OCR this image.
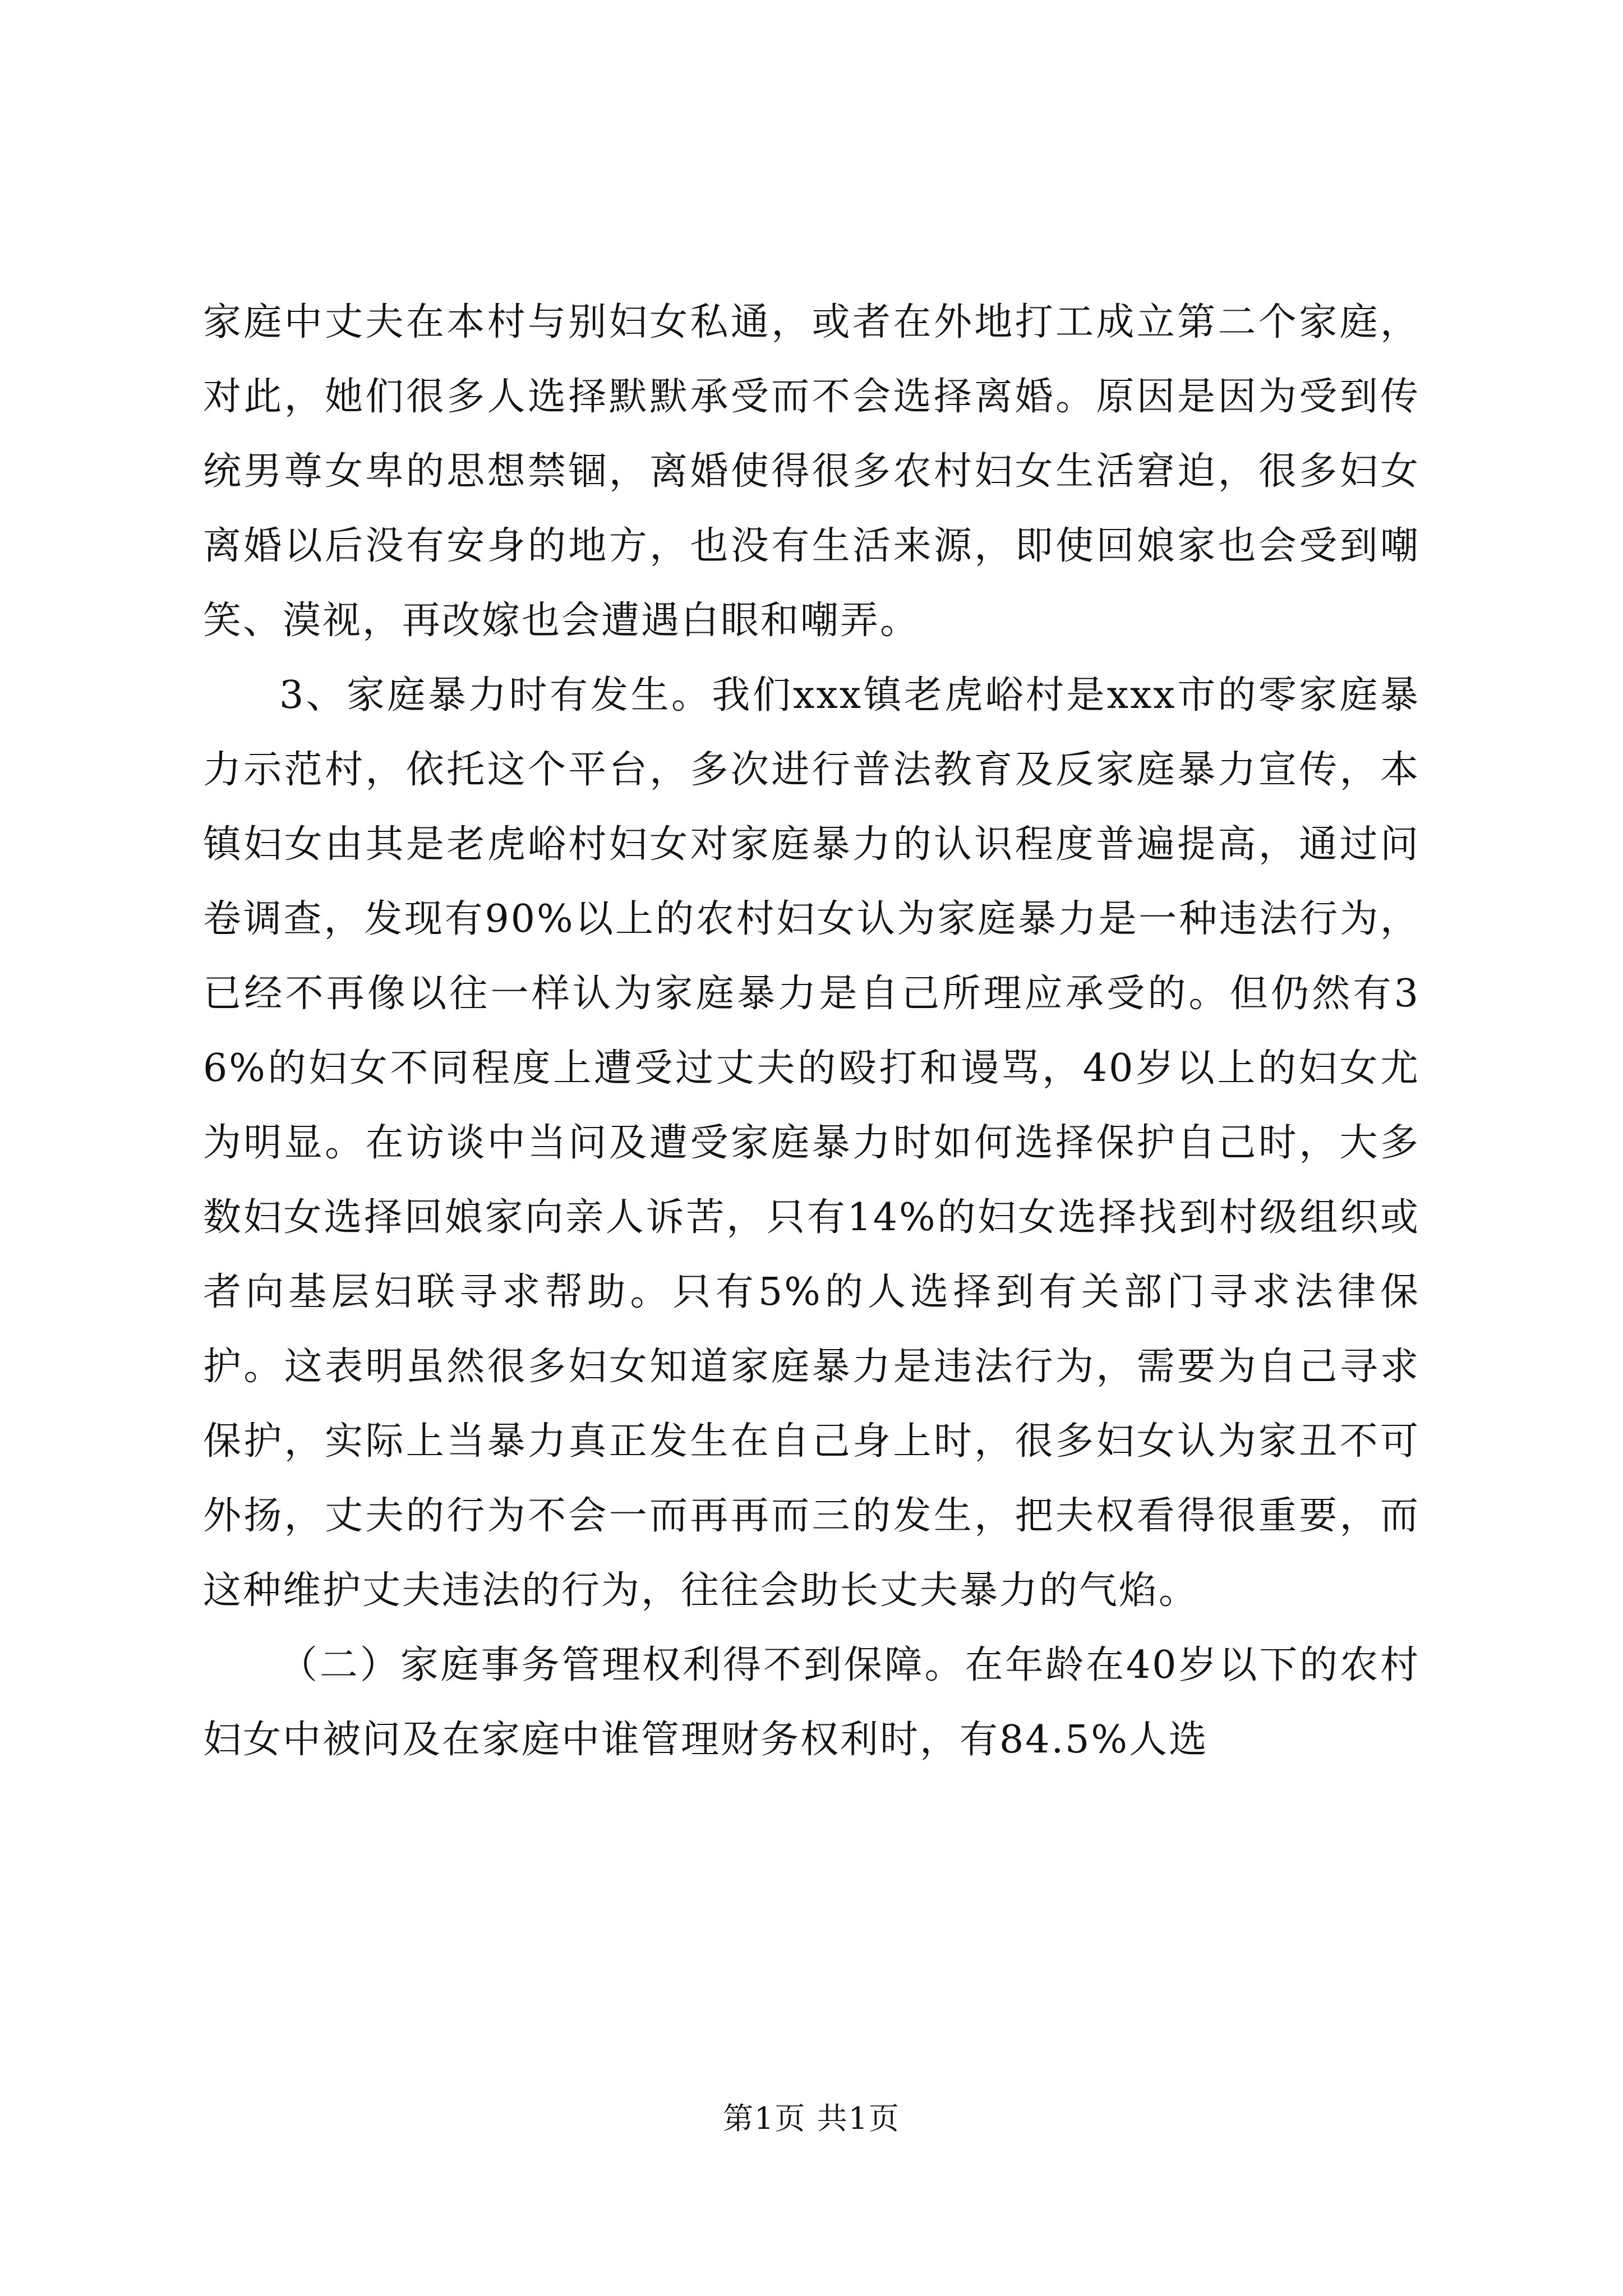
家庭中丈夫在本村与别妇女私通，或者在外地打工成立第二个家庭，对此，她们很多人选择默默承受而不会选择离婚。原因是因为受到传统男尊女卑的思想禁锢，离婚使得很多农村妇女生活窘迫，很多妇女离婚以后没有安身的地方，也没有生活来源，即使回娘家也会受到嘲笑、漠视，再改嫁也会遭遇白眼和嘲弄。

3、家庭暴力时有发生。我们xxx镇老虎峪村是xxx市的零家庭暴力示范村，依托这个平台，多次进行普法教育及反家庭暴力宣传，本镇妇女由其是老虎峪村妇女对家庭暴力的认识程度普遍提高，通过问卷调查，发现有90%以上的农村妇女认为家庭暴力是一种违法行为，已经不再像以往一样认为家庭暴力是自己所理应承受的。但仍然有36%的妇女不同程度上遭受过丈夫的殴打和谩骂，40岁以上的妇女尤为明显。在访谈中当问及遭受家庭暴力时如何选择保护自己时，大多数妇女选择回娘家向亲人诉苦，只有14%的妇女选择找到村级组织或者向基层妇联寻求帮助。只有5%的人选择到有关部门寻求法律保护。这表明虽然很多妇女知道家庭暴力是违法行为，需要为自己寻求保护，实际上当暴力真正发生在自己身上时，很多妇女认为家丑不可外扬，丈夫的行为不会一而再再而三的发生，把夫权看得很重要，而这种维护丈夫违法的行为，往往会助长丈夫暴力的气焰。

（二）家庭事务管理权利得不到保障。在年龄在40岁以下的农村妇女中被问及在家庭中谁管理财务权利时，有84.5%人选

第1页 共1页
